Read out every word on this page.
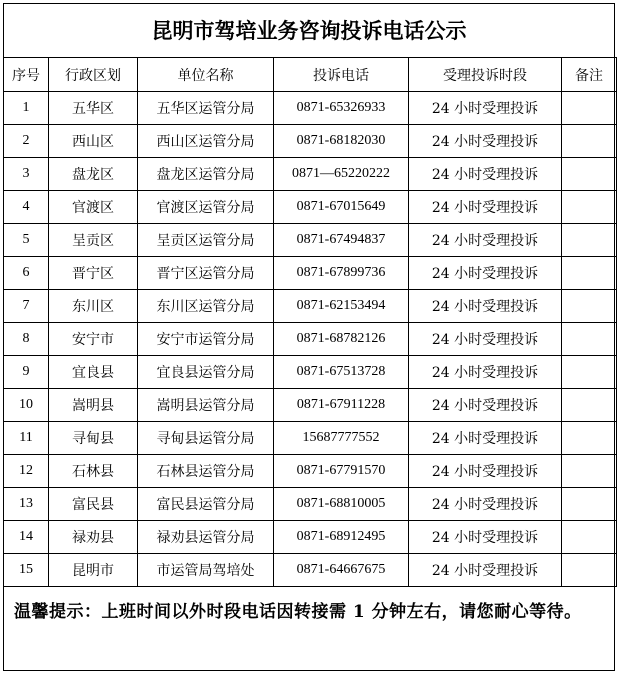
昆明市驾培业务咨询投诉电话公示
序号	行政区划	单位名称	投诉电话	受理投诉时段	备注
1	五华区	五华区运管分局	0871-65326933	24 小时受理投诉	
2	西山区	西山区运管分局	0871-68182030	24 小时受理投诉	
3	盘龙区	盘龙区运管分局	0871—65220222	24 小时受理投诉	
4	官渡区	官渡区运管分局	0871-67015649	24 小时受理投诉	
5	呈贡区	呈贡区运管分局	0871-67494837	24 小时受理投诉	
6	晋宁区	晋宁区运管分局	0871-67899736	24 小时受理投诉	
7	东川区	东川区运管分局	0871-62153494	24 小时受理投诉	
8	安宁市	安宁市运管分局	0871-68782126	24 小时受理投诉	
9	宜良县	宜良县运管分局	0871-67513728	24 小时受理投诉	
10	嵩明县	嵩明县运管分局	0871-67911228	24 小时受理投诉	
11	寻甸县	寻甸县运管分局	15687777552	24 小时受理投诉	
12	石林县	石林县运管分局	0871-67791570	24 小时受理投诉	
13	富民县	富民县运管分局	0871-68810005	24 小时受理投诉	
14	禄劝县	禄劝县运管分局	0871-68912495	24 小时受理投诉	
15	昆明市	市运管局驾培处	0871-64667675	24 小时受理投诉	
温馨提示：上班时间以外时段电话因转接需 1 分钟左右，请您耐心等待。
